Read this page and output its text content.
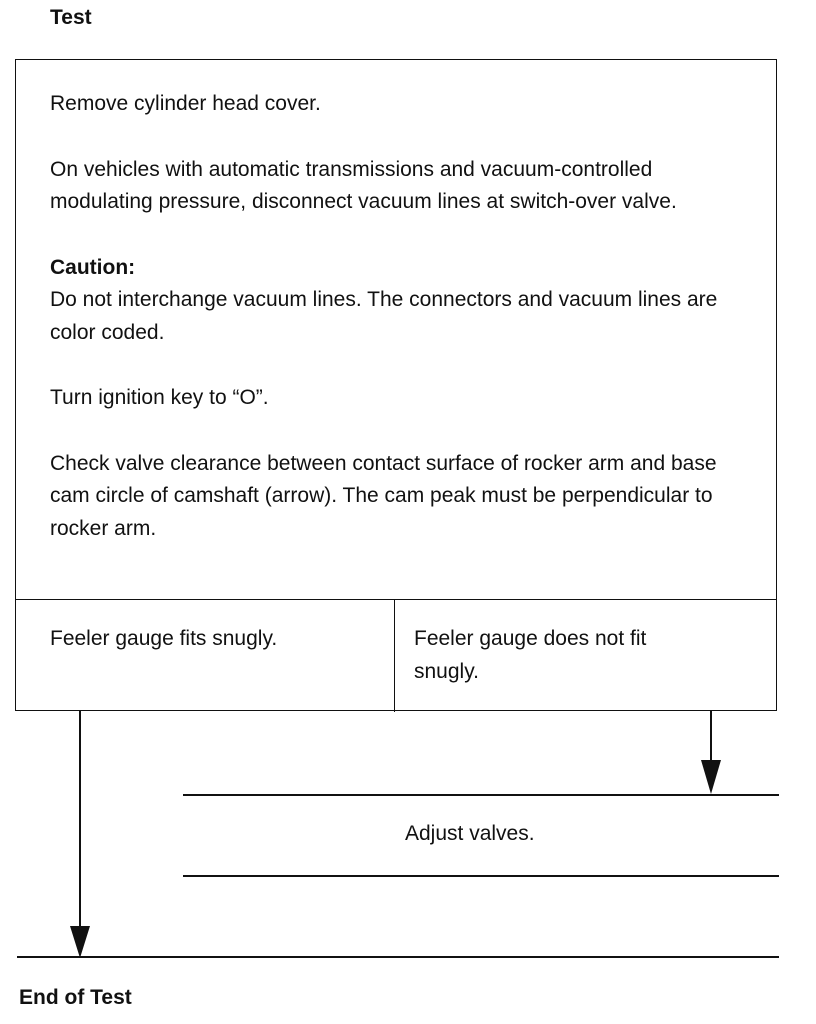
Test

Remove cylinder head cover.

On vehicles with automatic transmissions and vacuum-controlled modulating pressure, disconnect vacuum lines at switch-over valve.

Caution:

Do not interchange vacuum lines. The connectors and vacuum lines are color coded.

Turn ignition key to “O”.

Check valve clearance between contact surface of rocker arm and base cam circle of camshaft (arrow). The cam peak must be perpendicular to rocker arm.

Feeler gauge fits snugly.	Feeler gauge does not fit snugly.
Adjust valves.
End of Test
